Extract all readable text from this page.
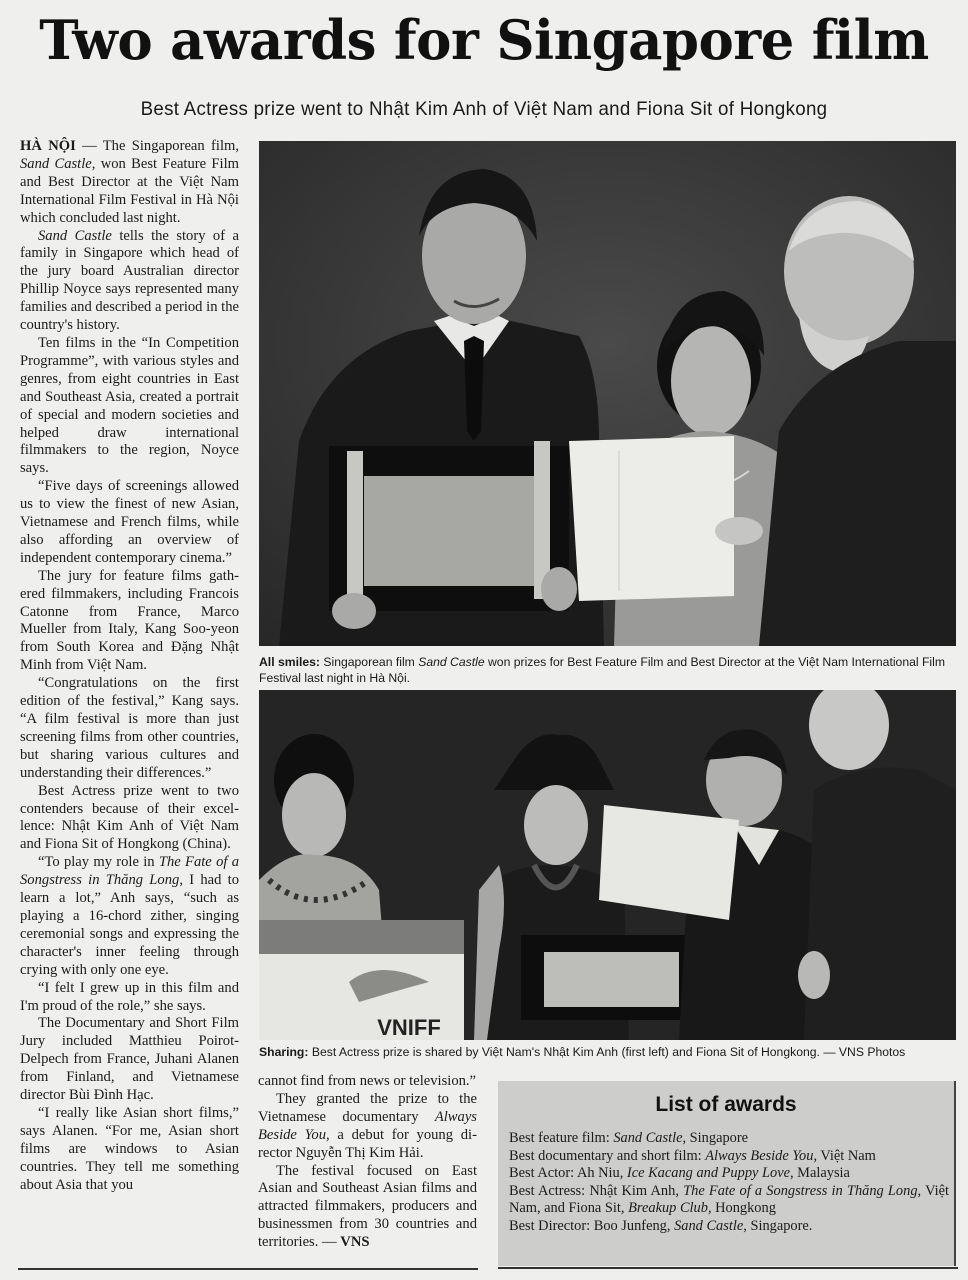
Two awards for Singapore film
Best Actress prize went to Nhật Kim Anh of Việt Nam and Fiona Sit of Hongkong

HÀ NỘI — The Singaporean film, Sand Castle, won Best Feature Film and Best Director at the Việt Nam International Film Festival in Hà Nội which concluded last night.

Sand Castle tells the story of a family in Singapore which head of the jury board Australian director Phillip Noyce says represented many families and described a period in the country's history.

Ten films in the “In Competition Programme”, with various styles and genres, from eight countries in East and Southeast Asia, created a portrait of special and modern societies and helped draw international filmmakers to the region, Noyce says.

“Five days of screenings allowed us to view the finest of new Asian, Vietnamese and French films, while also affording an overview of independent contemporary cinema.”

The jury for feature films gathered filmmakers, including Francois Catonne from France, Marco Mueller from Italy, Kang Soo-yeon from South Korea and Đặng Nhật Minh from Việt Nam.

“Congratulations on the first edition of the festival,” Kang says. “A film festival is more than just screening films from other countries, but sharing various cultures and understanding their differences.”

Best Actress prize went to two contenders because of their excellence: Nhật Kim Anh of Việt Nam and Fiona Sit of Hongkong (China).

“To play my role in The Fate of a Songstress in Thăng Long, I had to learn a lot,” Anh says, “such as playing a 16-chord zither, singing ceremonial songs and expressing the character's inner feeling through crying with only one eye.

“I felt I grew up in this film and I'm proud of the role,” she says.

The Documentary and Short Film Jury included Matthieu Poirot-Delpech from France, Juhani Alanen from Finland, and Vietnamese director Bùi Đình Hạc.

“I really like Asian short films,” says Alanen. “For me, Asian short films are windows to Asian countries. They tell me something about Asia that you

All smiles: Singaporean film Sand Castle won prizes for Best Feature Film and Best Director at the Việt Nam International Film Festival last night in Hà Nội.
VNIFF
Sharing: Best Actress prize is shared by Việt Nam's Nhật Kim Anh (first left) and Fiona Sit of Hongkong. — VNS Photos

cannot find from news or television.”

They granted the prize to the Vietnamese documentary Always Beside You, a debut for young director Nguyễn Thị Kim Hải.

The festival focused on East Asian and Southeast Asian films and attracted filmmakers, producers and businessmen from 30 countries and territories. — VNS

List of awards
Best feature film: Sand Castle, Singapore
Best documentary and short film: Always Beside You, Việt Nam
Best Actor: Ah Niu, Ice Kacang and Puppy Love, Malaysia
Best Actress: Nhật Kim Anh, The Fate of a Songstress in Thăng Long, Việt Nam, and Fiona Sit, Breakup Club, Hongkong
Best Director: Boo Junfeng, Sand Castle, Singapore.
